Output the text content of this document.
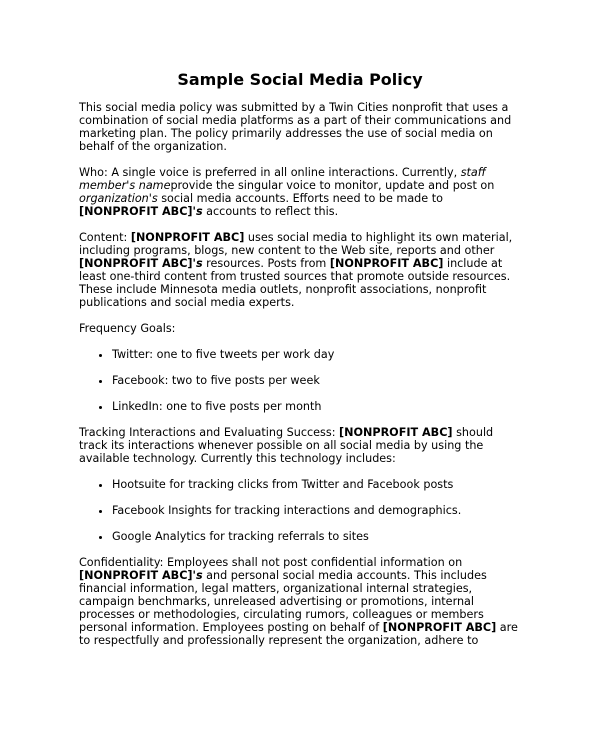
Sample Social Media Policy

This social media policy was submitted by a Twin Cities nonprofit that uses a combination of social media platforms as a part of their communications and marketing plan. The policy primarily addresses the use of social media on behalf of the organization.

Who: A single voice is preferred in all online interactions. Currently, staff member's nameprovide the singular voice to monitor, update and post on organization's social media accounts. Efforts need to be made to [NONPROFIT ABC]'s accounts to reflect this.

Content: [NONPROFIT ABC] uses social media to highlight its own material, including programs, blogs, new content to the Web site, reports and other [NONPROFIT ABC]'s resources. Posts from [NONPROFIT ABC] include at least one-third content from trusted sources that promote outside resources. These include Minnesota media outlets, nonprofit associations, nonprofit publications and social media experts.

Frequency Goals:

• Twitter: one to five tweets per work day
• Facebook: two to five posts per week
• LinkedIn: one to five posts per month

Tracking Interactions and Evaluating Success: [NONPROFIT ABC] should track its interactions whenever possible on all social media by using the available technology. Currently this technology includes:

• Hootsuite for tracking clicks from Twitter and Facebook posts
• Facebook Insights for tracking interactions and demographics.
• Google Analytics for tracking referrals to sites

Confidentiality: Employees shall not post confidential information on [NONPROFIT ABC]'s and personal social media accounts. This includes financial information, legal matters, organizational internal strategies, campaign benchmarks, unreleased advertising or promotions, internal processes or methodologies, circulating rumors, colleagues or members personal information. Employees posting on behalf of [NONPROFIT ABC] are to respectfully and professionally represent the organization, adhere to
